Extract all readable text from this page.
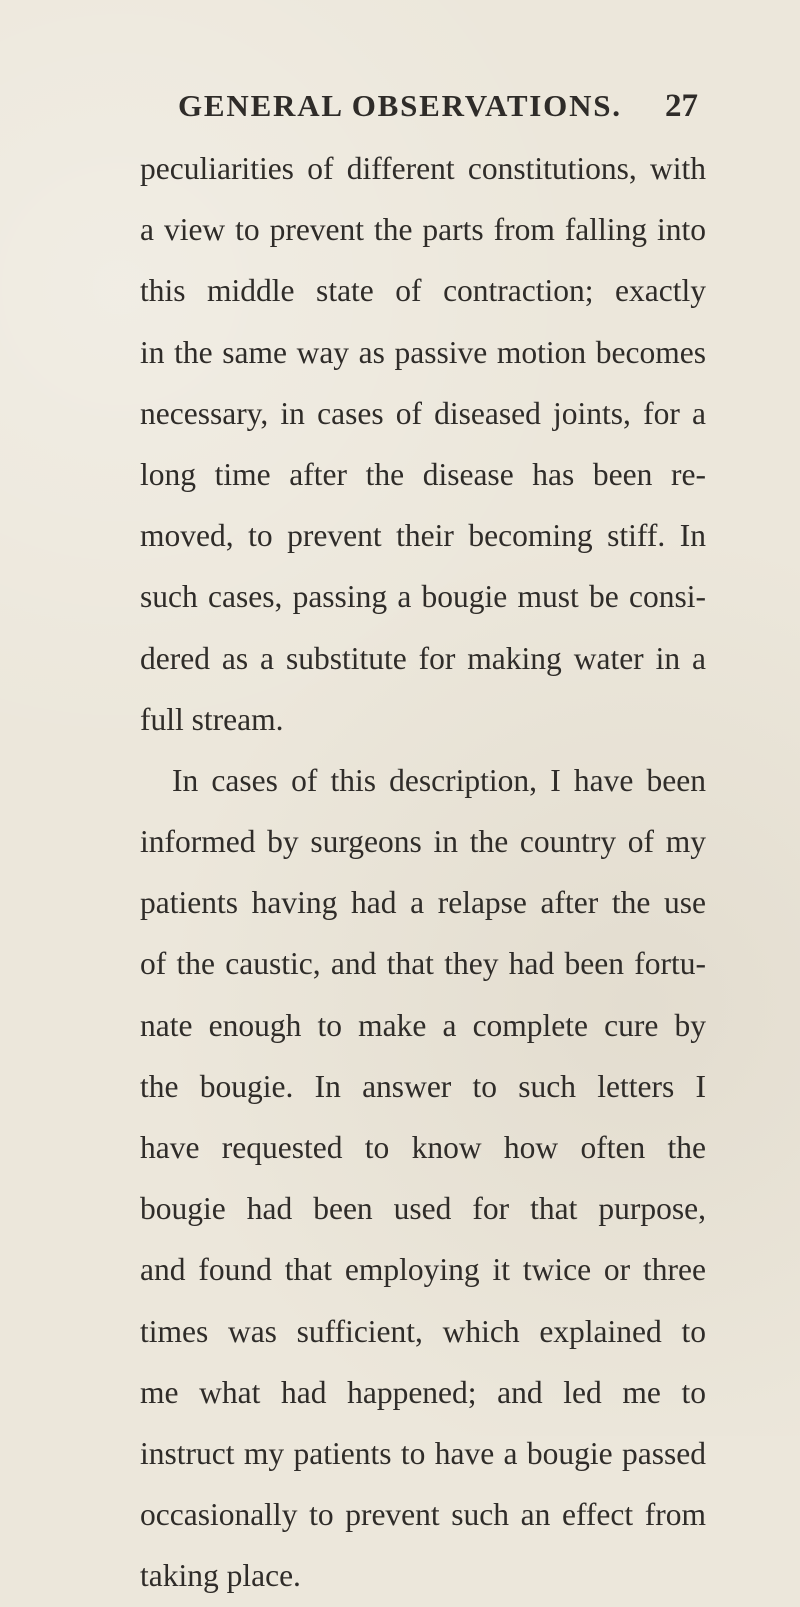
GENERAL OBSERVATIONS. 27
peculiarities of different constitutions, with
a view to prevent the parts from falling into
this middle state of contraction; exactly
in the same way as passive motion becomes
necessary, in cases of diseased joints, for a
long time after the disease has been re-
moved, to prevent their becoming stiff. In
such cases, passing a bougie must be consi-
dered as a substitute for making water in a
full stream.
In cases of this description, I have been
informed by surgeons in the country of my
patients having had a relapse after the use
of the caustic, and that they had been fortu-
nate enough to make a complete cure by
the bougie. In answer to such letters I
have requested to know how often the
bougie had been used for that purpose,
and found that employing it twice or three
times was sufficient, which explained to
me what had happened; and led me to
instruct my patients to have a bougie passed
occasionally to prevent such an effect from
taking place.
